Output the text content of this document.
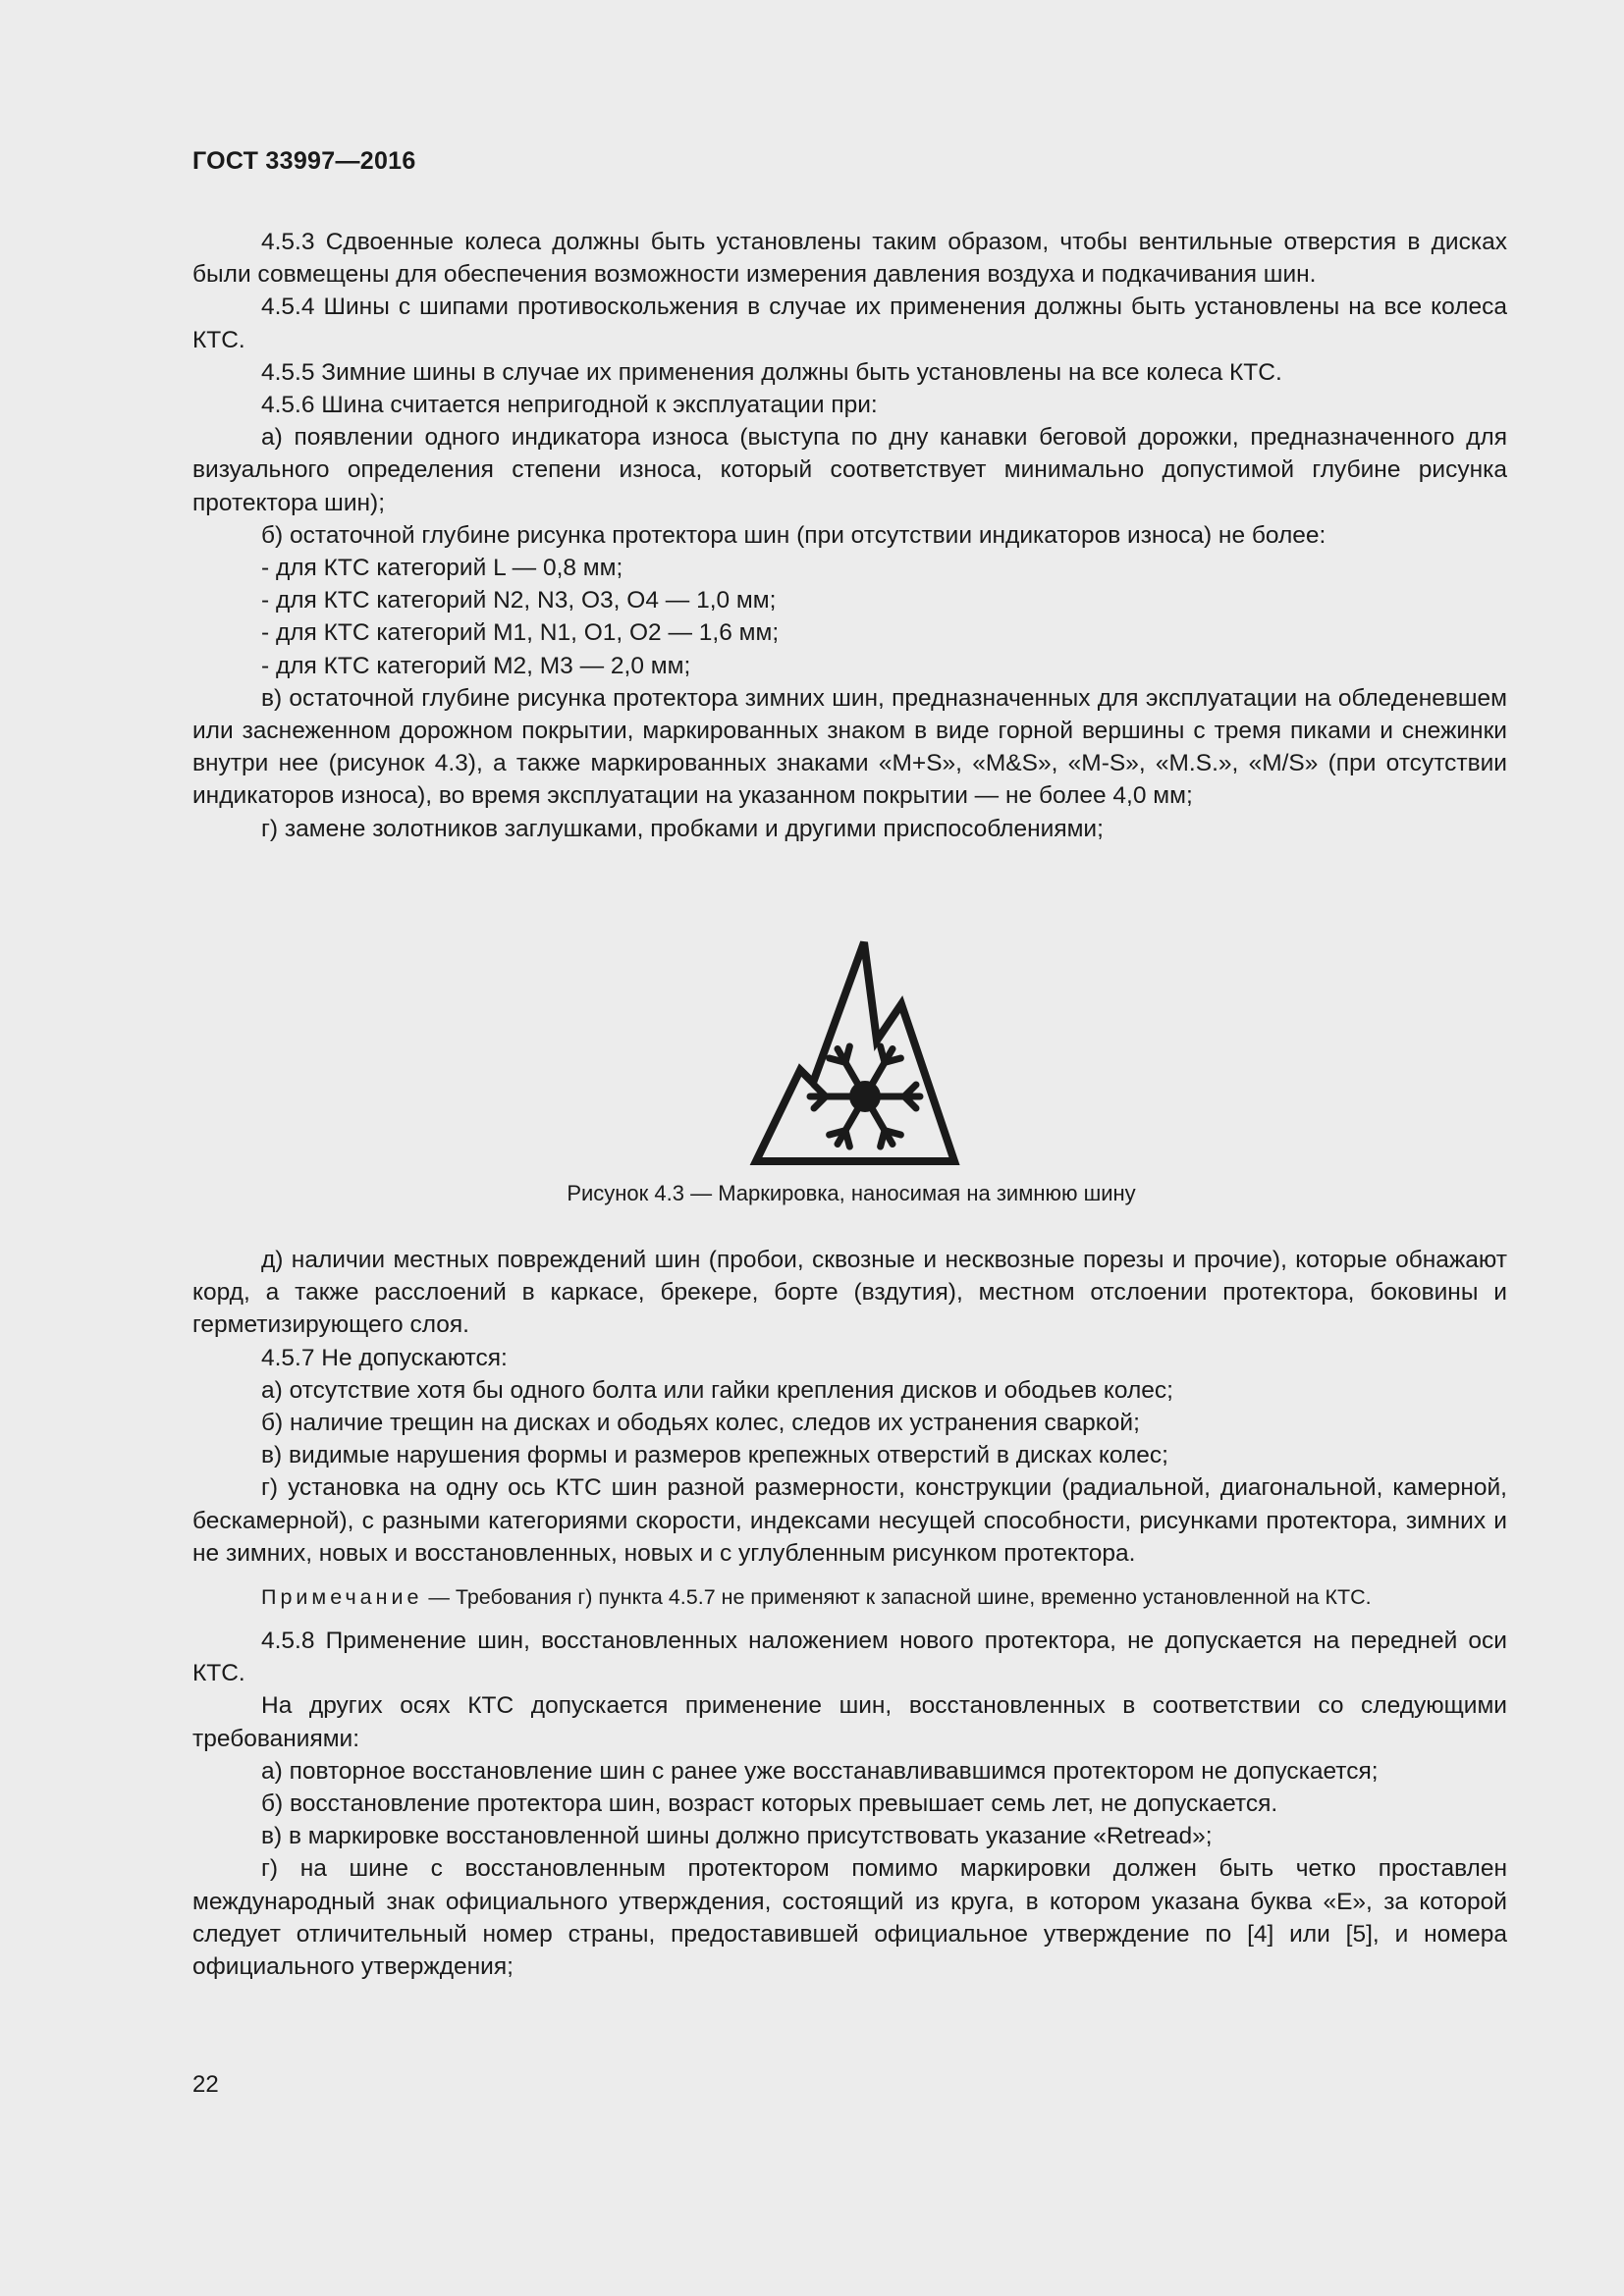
ГОСТ 33997—2016

4.5.3 Сдвоенные колеса должны быть установлены таким образом, чтобы вентильные отверстия в дисках были совмещены для обеспечения возможности измерения давления воздуха и подкачивания шин.

4.5.4 Шины с шипами противоскольжения в случае их применения должны быть установлены на все колеса КТС.

4.5.5 Зимние шины в случае их применения должны быть установлены на все колеса КТС.

4.5.6 Шина считается непригодной к эксплуатации при:

а) появлении одного индикатора износа (выступа по дну канавки беговой дорожки, предназначенного для визуального определения степени износа, который соответствует минимально допустимой глубине рисунка протектора шин);

б) остаточной глубине рисунка протектора шин (при отсутствии индикаторов износа) не более:

- для КТС категорий L — 0,8 мм;

- для КТС категорий N2, N3, O3, O4 — 1,0 мм;

- для КТС категорий M1, N1, O1, O2 — 1,6 мм;

- для КТС категорий M2, M3 — 2,0 мм;

в) остаточной глубине рисунка протектора зимних шин, предназначенных для эксплуатации на обледеневшем или заснеженном дорожном покрытии, маркированных знаком в виде горной вершины с тремя пиками и снежинки внутри нее (рисунок 4.3), а также маркированных знаками «M+S», «M&S», «M-S», «M.S.», «M/S» (при отсутствии индикаторов износа), во время эксплуатации на указанном покрытии — не более 4,0 мм;

г) замене золотников заглушками, пробками и другими приспособлениями;

Рисунок 4.3 — Маркировка, наносимая на зимнюю шину

д) наличии местных повреждений шин (пробои, сквозные и несквозные порезы и прочие), которые обнажают корд, а также расслоений в каркасе, брекере, борте (вздутия), местном отслоении протектора, боковины и герметизирующего слоя.

4.5.7 Не допускаются:

а) отсутствие хотя бы одного болта или гайки крепления дисков и ободьев колес;

б) наличие трещин на дисках и ободьях колес, следов их устранения сваркой;

в) видимые нарушения формы и размеров крепежных отверстий в дисках колес;

г) установка на одну ось КТС шин разной размерности, конструкции (радиальной, диагональной, камерной, бескамерной), с разными категориями скорости, индексами несущей способности, рисунками протектора, зимних и не зимних, новых и восстановленных, новых и с углубленным рисунком протектора.

Примечание — Требования г) пункта 4.5.7 не применяют к запасной шине, временно установленной на КТС.

4.5.8 Применение шин, восстановленных наложением нового протектора, не допускается на передней оси КТС.

На других осях КТС допускается применение шин, восстановленных в соответствии со следующими требованиями:

а) повторное восстановление шин с ранее уже восстанавливавшимся протектором не допускается;

б) восстановление протектора шин, возраст которых превышает семь лет, не допускается.

в) в маркировке восстановленной шины должно присутствовать указание «Retread»;

г) на шине с восстановленным протектором помимо маркировки должен быть четко проставлен международный знак официального утверждения, состоящий из круга, в котором указана буква «E», за которой следует отличительный номер страны, предоставившей официальное утверждение по [4] или [5], и номера официального утверждения;

22
